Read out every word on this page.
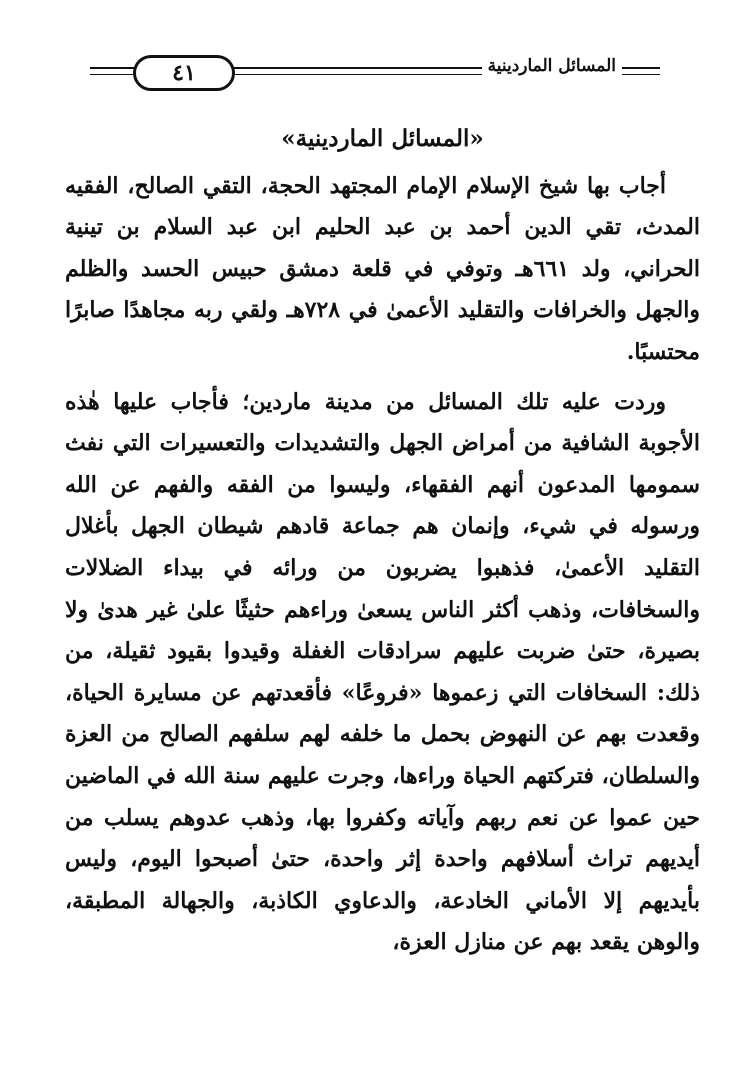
٤١	المسائل الماردينية

«المسائل الماردينية»

أجاب بها شيخ الإسلام الإمام المجتهد الحجة، التقي الصالح، الفقيه المدث، تقي الدين أحمد بن عبد الحليم ابن عبد السلام بن تينية الحراني، ولد ٦٦١هـ وتوفي في قلعة دمشق حبيس الحسد والظلم والجهل والخرافات والتقليد الأعمىٰ في ٧٢٨هـ ولقي ربه مجاهدًا صابرًا محتسبًا.

وردت عليه تلك المسائل من مدينة ماردين؛ فأجاب عليها هٰذه الأجوبة الشافية من أمراض الجهل والتشديدات والتعسيرات التي نفث سمومها المدعون أنهم الفقهاء، وليسوا من الفقه والفهم عن الله ورسوله في شيء، وإنمان هم جماعة قادهم شيطان الجهل بأغلال التقليد الأعمىٰ، فذهبوا يضربون من ورائه في بيداء الضلالات والسخافات، وذهب أكثر الناس يسعىٰ وراءهم حثيثًا علىٰ غير هدىٰ ولا بصيرة، حتىٰ ضربت عليهم سرادقات الغفلة وقيدوا بقيود ثقيلة، من ذلك: السخافات التي زعموها «فروعًا» فأقعدتهم عن مسايرة الحياة، وقعدت بهم عن النهوض بحمل ما خلفه لهم سلفهم الصالح من العزة والسلطان، فتركتهم الحياة وراءها، وجرت عليهم سنة الله في الماضين حين عموا عن نعم ربهم وآياته وكفروا بها، وذهب عدوهم يسلب من أيديهم تراث أسلافهم واحدة إثر واحدة، حتىٰ أصبحوا اليوم، وليس بأيديهم إلا الأماني الخادعة، والدعاوي الكاذبة، والجهالة المطبقة، والوهن يقعد بهم عن منازل العزة،
